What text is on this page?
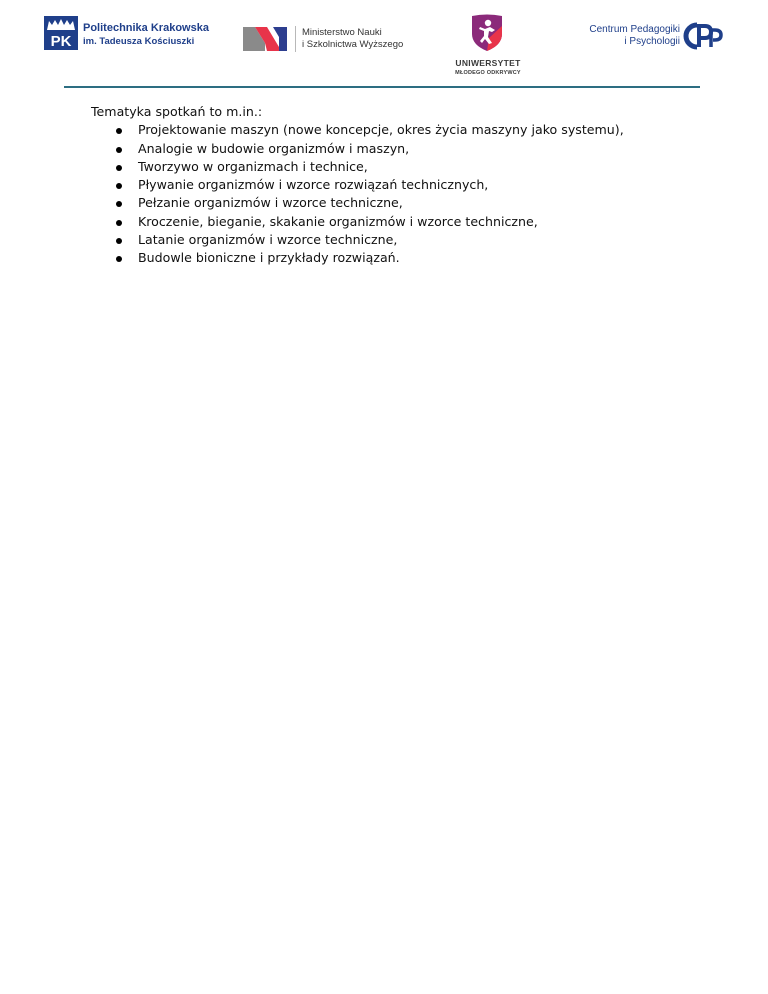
PK
Politechnika Krakowska
im. Tadeusza Kościuszki
Ministerstwo Nauki
i Szkolnictwa Wyższego
UNIWERSYTET
MŁODEGO ODKRYWCY
Centrum Pedagogiki
i Psychologii

Tematyka spotkań to m.in.:

Projektowanie maszyn (nowe koncepcje, okres życia maszyny jako systemu),
Analogie w budowie organizmów i maszyn,
Tworzywo w organizmach i technice,
Pływanie organizmów i wzorce rozwiązań technicznych,
Pełzanie organizmów i wzorce techniczne,
Kroczenie, bieganie, skakanie organizmów i wzorce techniczne,
Latanie organizmów i wzorce techniczne,
Budowle bioniczne i przykłady rozwiązań.
